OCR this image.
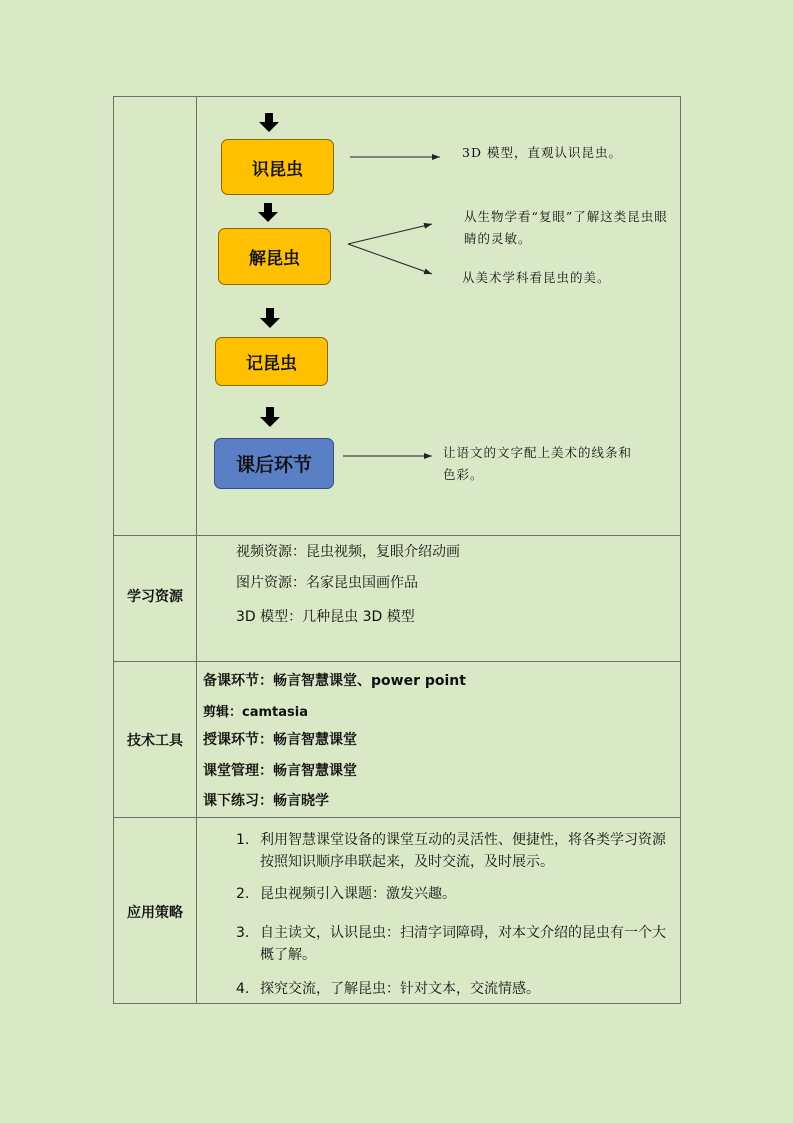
学习资源
技术工具
应用策略
识昆虫
解昆虫
记昆虫
课后环节
3D 模型，直观认识昆虫。
从生物学看“复眼”了解这类昆虫眼睛的灵敏。
从美术学科看昆虫的美。
让语文的文字配上美术的线条和色彩。
视频资源：昆虫视频，复眼介绍动画
图片资源：名家昆虫国画作品
3D 模型：几种昆虫 3D 模型
备课环节：畅言智慧课堂、power point
剪辑：camtasia
授课环节：畅言智慧课堂
课堂管理：畅言智慧课堂
课下练习：畅言晓学
1. 利用智慧课堂设备的课堂互动的灵活性、便捷性，将各类学习资源按照知识顺序串联起来，及时交流，及时展示。
2. 昆虫视频引入课题：激发兴趣。
3. 自主读文，认识昆虫：扫清字词障碍，对本文介绍的昆虫有一个大概了解。
4. 探究交流，了解昆虫：针对文本，交流情感。
